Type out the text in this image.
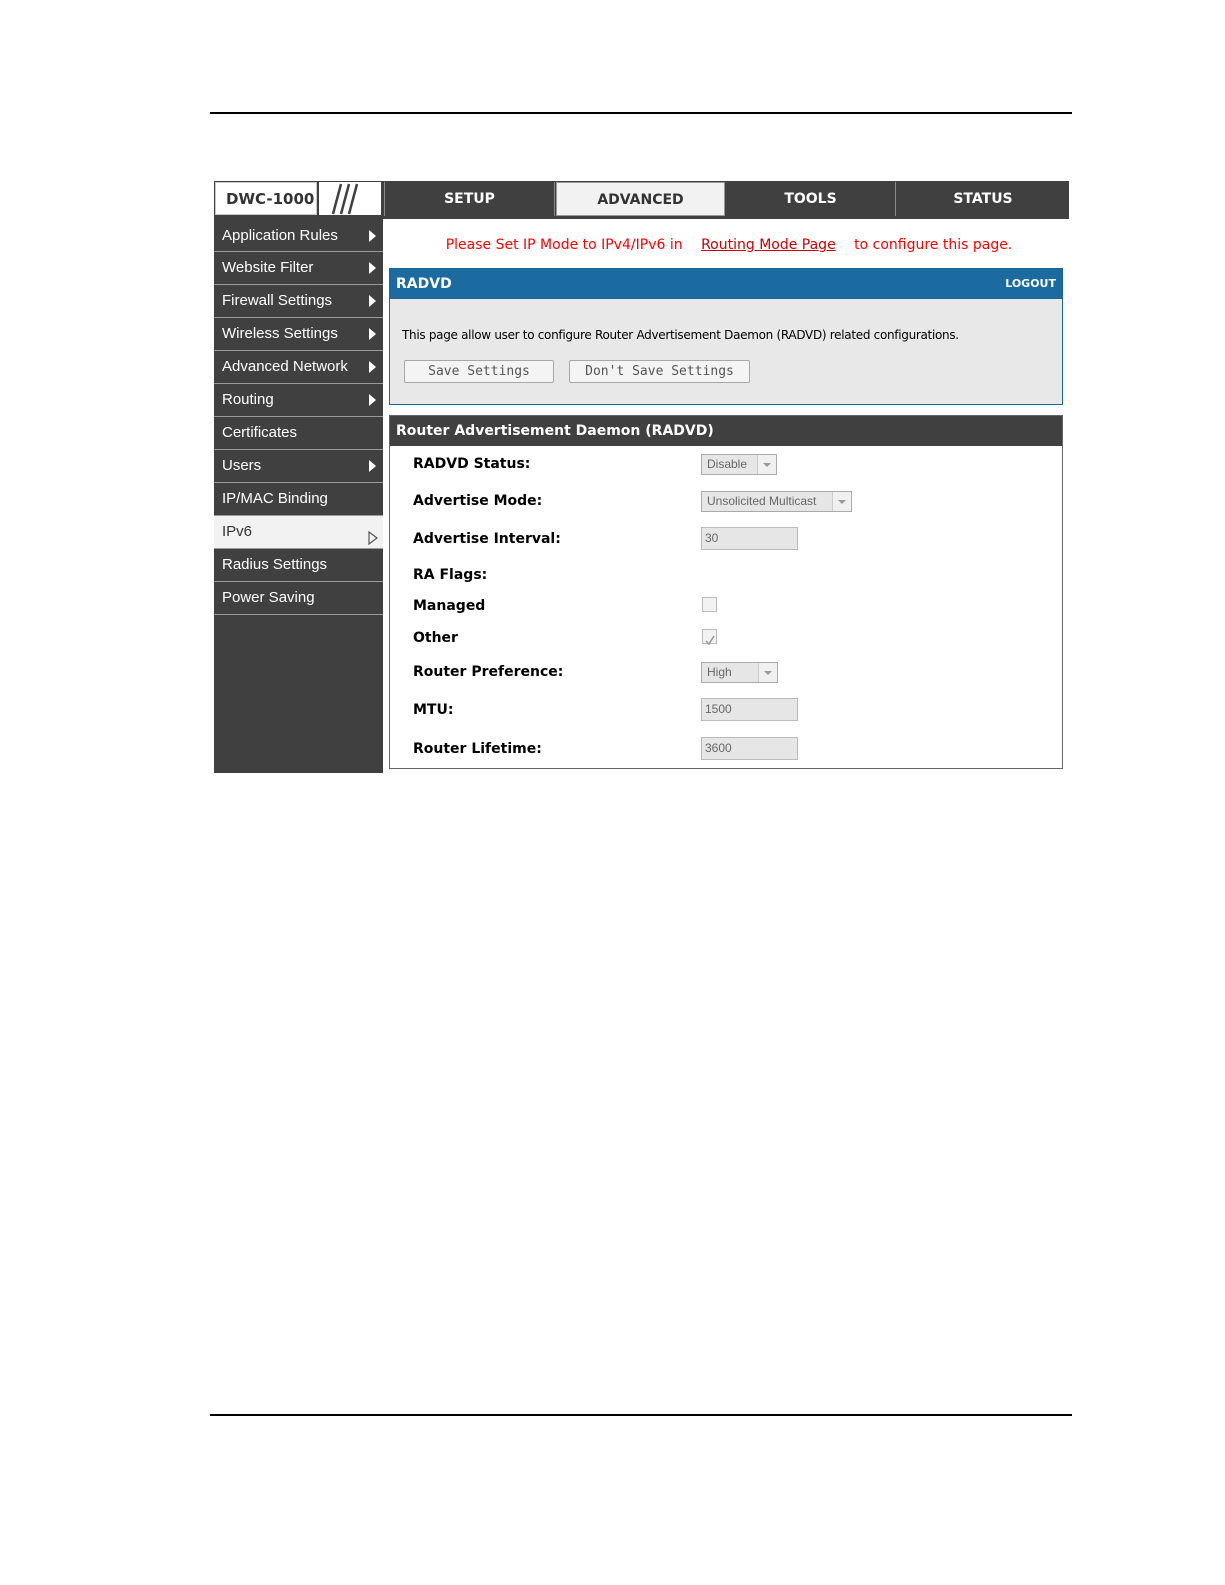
DWC-1000	SETUP	ADVANCED	TOOLS	STATUS
Application Rules
Website Filter
Firewall Settings
Wireless Settings
Advanced Network
Routing
Certificates
Users
IP/MAC Binding
IPv6
Radius Settings
Power Saving
Please Set IP Mode to IPv4/IPv6 in Routing Mode Page to configure this page.
RADVD	LOGOUT
This page allow user to configure Router Advertisement Daemon (RADVD) related configurations.
Save Settings	Don't Save Settings
Router Advertisement Daemon (RADVD)
RADVD Status:	Disable
Advertise Mode:	Unsolicited Multicast
Advertise Interval:	30
RA Flags:
Managed
Other
Router Preference:	High
MTU:	1500
Router Lifetime:	3600
